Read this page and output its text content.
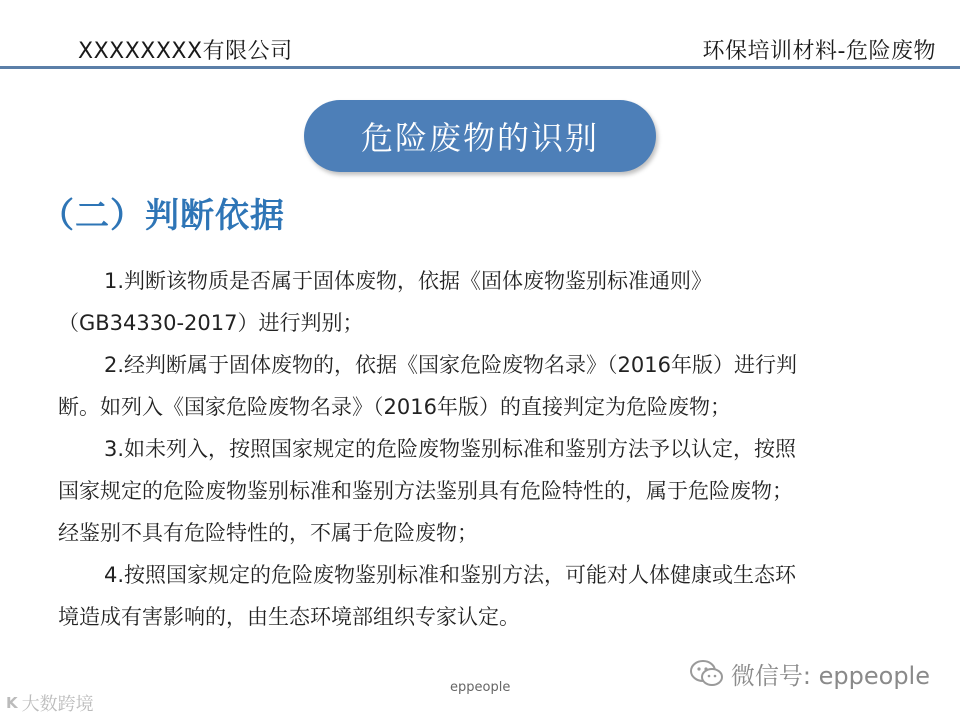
XXXXXXXX有限公司	环保培训材料-危险废物
危险废物的识别
（二）判断依据
1.判断该物质是否属于固体废物，依据《固体废物鉴别标准通则》
（GB34330-2017）进行判别；
2.经判断属于固体废物的，依据《国家危险废物名录》（2016年版）进行判
断。如列入《国家危险废物名录》（2016年版）的直接判定为危险废物；
3.如未列入，按照国家规定的危险废物鉴别标准和鉴别方法予以认定，按照
国家规定的危险废物鉴别标准和鉴别方法鉴别具有危险特性的，属于危险废物；
经鉴别不具有危险特性的，不属于危险废物；
4.按照国家规定的危险废物鉴别标准和鉴别方法，可能对人体健康或生态环
境造成有害影响的，由生态环境部组织专家认定。
微信号: eppeople
eppeople
K 大数跨境
